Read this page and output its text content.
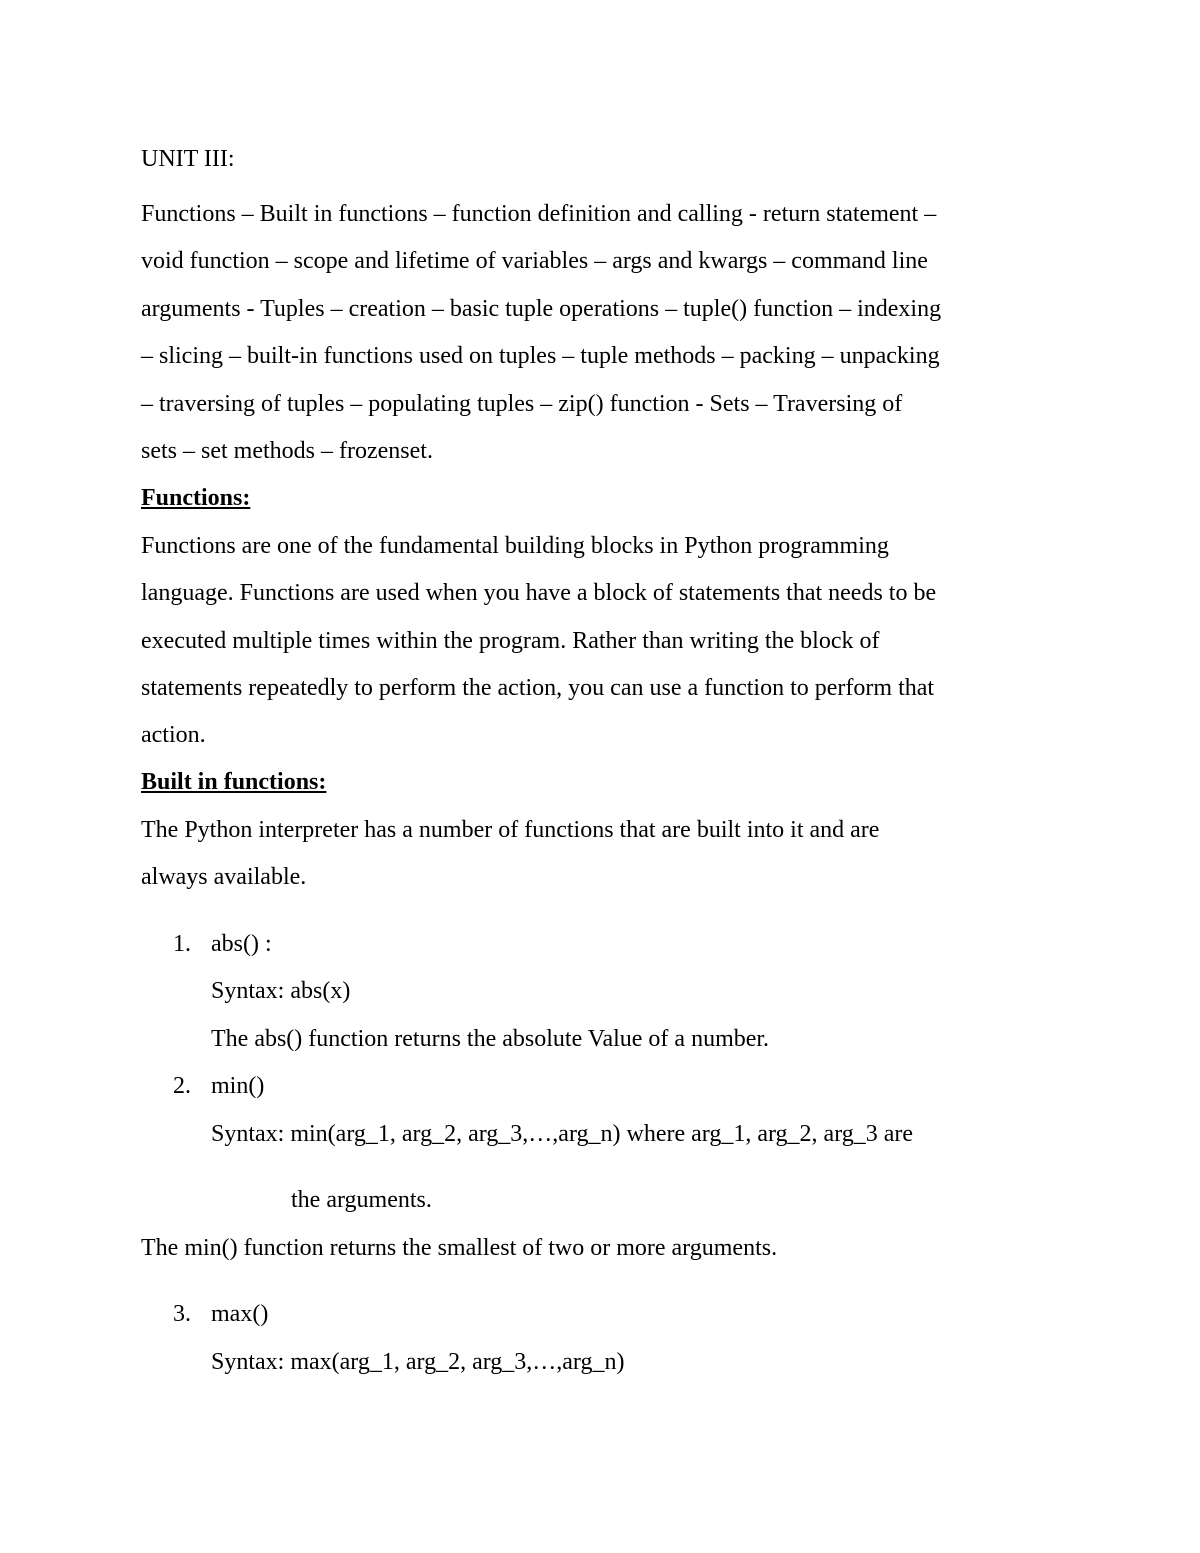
UNIT III:
Functions – Built in functions – function definition and calling - return statement –
void function – scope and lifetime of variables – args and kwargs – command line
arguments - Tuples – creation – basic tuple operations – tuple() function – indexing
– slicing – built-in functions used on tuples – tuple methods – packing – unpacking
– traversing of tuples – populating tuples – zip() function - Sets – Traversing of
sets – set methods – frozenset.
Functions:
Functions are one of the fundamental building blocks in Python programming
language. Functions are used when you have a block of statements that needs to be
executed multiple times within the program. Rather than writing the block of
statements repeatedly to perform the action, you can use a function to perform that
action.
Built in functions:
The Python interpreter has a number of functions that are built into it and are
always available.
1. abs() :
Syntax: abs(x)
The abs() function returns the absolute Value of a number.
2. min()
Syntax: min(arg_1, arg_2, arg_3,…,arg_n) where arg_1, arg_2, arg_3 are
the arguments.
The min() function returns the smallest of two or more arguments.
3. max()
Syntax: max(arg_1, arg_2, arg_3,…,arg_n)
